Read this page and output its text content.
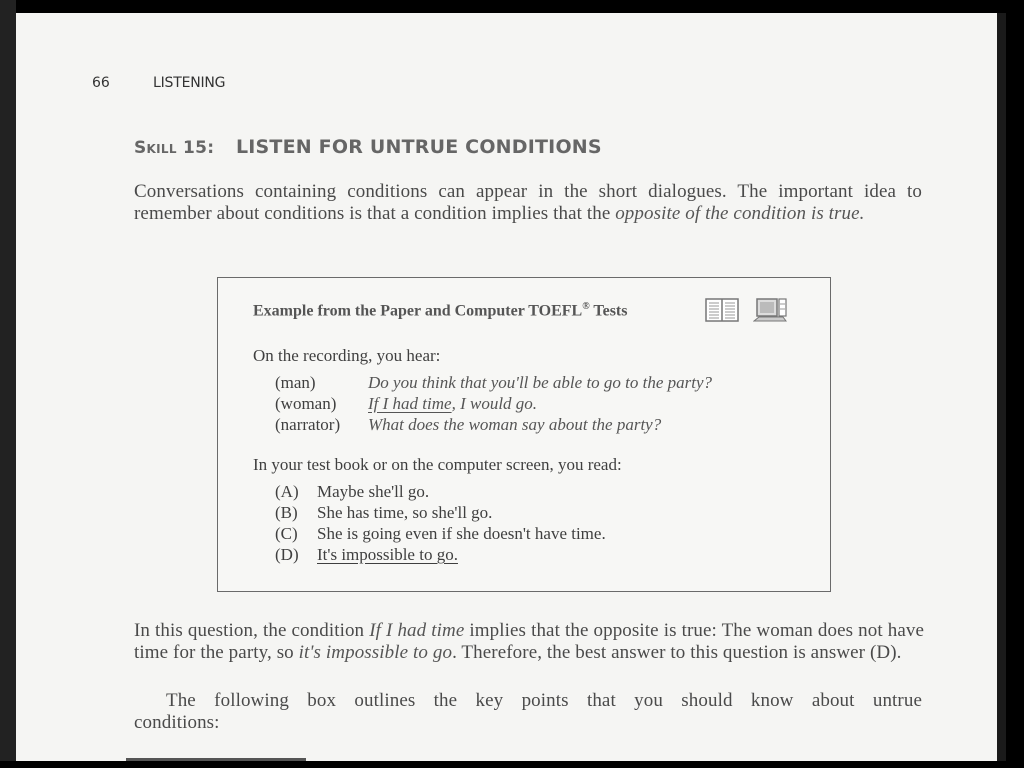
66	LISTENING
Skill 15: LISTEN FOR UNTRUE CONDITIONS
Conversations containing conditions can appear in the short dialogues. The important idea to remember about conditions is that a condition implies that the opposite of the condition is true.
Example from the Paper and Computer TOEFL® Tests
On the recording, you hear:
(man)	Do you think that you'll be able to go to the party?
(woman)	If I had time, I would go.
(narrator)	What does the woman say about the party?
In your test book or on the computer screen, you read:
(A)	Maybe she'll go.
(B)	She has time, so she'll go.
(C)	She is going even if she doesn't have time.
(D)	It's impossible to go.
In this question, the condition If I had time implies that the opposite is true: The woman does not have time for the party, so it's impossible to go. Therefore, the best answer to this question is answer (D).
The following box outlines the key points that you should know about untrue conditions:
